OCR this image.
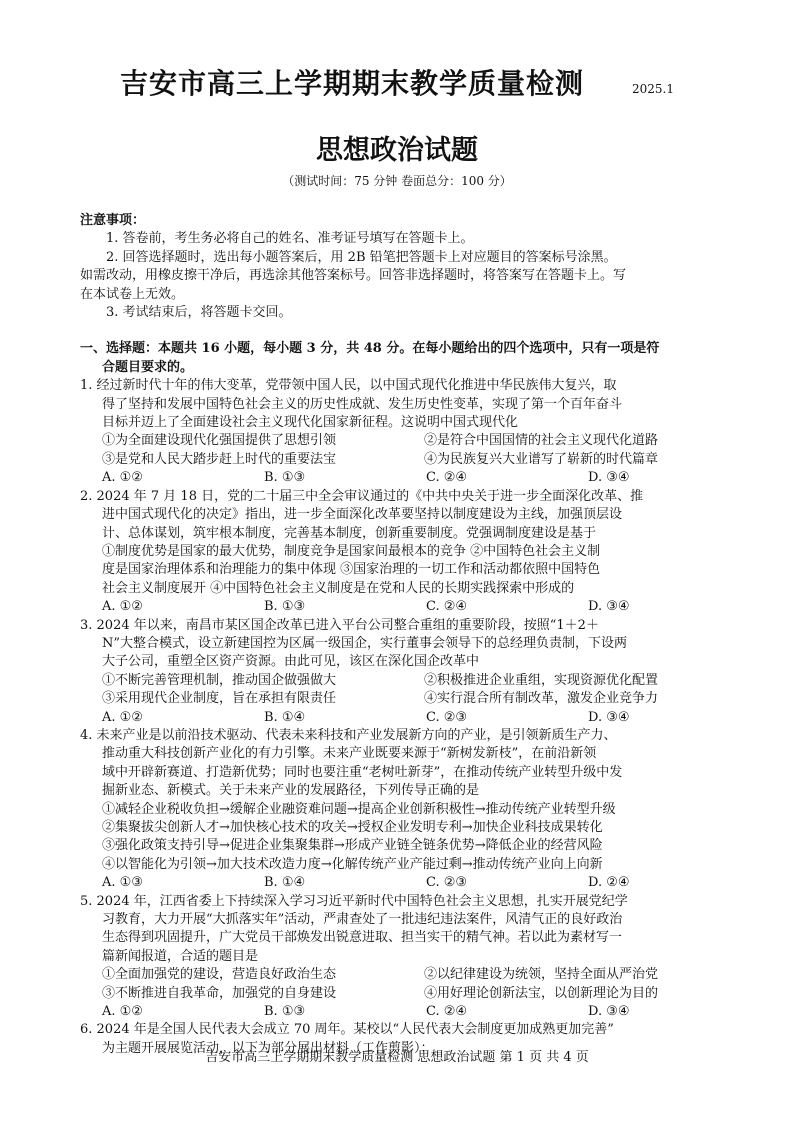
吉安市高三上学期期末教学质量检测	2025.1
思想政治试题
（测试时间：75 分钟 卷面总分：100 分）

注意事项：

1. 答卷前，考生务必将自己的姓名、准考证号填写在答题卡上。

2. 回答选择题时，选出每小题答案后，用 2B 铅笔把答题卡上对应题目的答案标号涂黑。

如需改动，用橡皮擦干净后，再选涂其他答案标号。回答非选择题时，将答案写在答题卡上。写

在本试卷上无效。

3. 考试结束后，将答题卡交回。

一、选择题：本题共 16 小题，每小题 3 分，共 48 分。在每小题给出的四个选项中，只有一项是符

合题目要求的。

1. 经过新时代十年的伟大变革，党带领中国人民，以中国式现代化推进中华民族伟大复兴，取

得了坚持和发展中国特色社会主义的历史性成就、发生历史性变革，实现了第一个百年奋斗

目标并迈上了全面建设社会主义现代化国家新征程。这说明中国式现代化

①为全面建设现代化强国提供了思想引领	②是符合中国国情的社会主义现代化道路
③是党和人民大踏步赶上时代的重要法宝	④为民族复兴大业谱写了崭新的时代篇章
A. ①②	B. ①③	C. ②④	D. ③④

2. 2024 年 7 月 18 日，党的二十届三中全会审议通过的《中共中央关于进一步全面深化改革、推

进中国式现代化的决定》指出，进一步全面深化改革要坚持以制度建设为主线，加强顶层设

计、总体谋划，筑牢根本制度，完善基本制度，创新重要制度。党强调制度建设是基于

①制度优势是国家的最大优势，制度竞争是国家间最根本的竞争 ②中国特色社会主义制

度是国家治理体系和治理能力的集中体现 ③国家治理的一切工作和活动都依照中国特色

社会主义制度展开 ④中国特色社会主义制度是在党和人民的长期实践探索中形成的

A. ①②	B. ①③	C. ②④	D. ③④

3. 2024 年以来，南昌市某区国企改革已进入平台公司整合重组的重要阶段，按照“1＋2＋

N”大整合模式，设立新建国控为区属一级国企，实行董事会领导下的总经理负责制，下设两

大子公司，重塑全区资产资源。由此可见，该区在深化国企改革中

①不断完善管理机制，推动国企做强做大	②积极推进企业重组，实现资源优化配置
③采用现代企业制度，旨在承担有限责任	④实行混合所有制改革，激发企业竞争力
A. ①②	B. ①④	C. ②③	D. ③④

4. 未来产业是以前沿技术驱动、代表未来科技和产业发展新方向的产业，是引领新质生产力、

推动重大科技创新产业化的有力引擎。未来产业既要来源于“新树发新枝”，在前沿新领

域中开辟新赛道、打造新优势；同时也要注重“老树吐新芽”，在推动传统产业转型升级中发

掘新业态、新模式。关于未来产业的发展路径，下列传导正确的是

①减轻企业税收负担→缓解企业融资难问题→提高企业创新积极性→推动传统产业转型升级

②集聚拔尖创新人才→加快核心技术的攻关→授权企业发明专利→加快企业科技成果转化

③强化政策支持引导→促进企业集聚集群→形成产业链全链条优势→降低企业的经营风险

④以智能化为引领→加大技术改造力度→化解传统产业产能过剩→推动传统产业向上向新

A. ①③	B. ①④	C. ②③	D. ②④

5. 2024 年，江西省委上下持续深入学习习近平新时代中国特色社会主义思想，扎实开展党纪学

习教育，大力开展“大抓落实年”活动，严肃查处了一批违纪违法案件，风清气正的良好政治

生态得到巩固提升，广大党员干部焕发出锐意进取、担当实干的精气神。若以此为素材写一

篇新闻报道，合适的题目是

①全面加强党的建设，营造良好政治生态	②以纪律建设为统领，坚持全面从严治党
③不断推进自我革命，加强党的自身建设	④用好理论创新法宝，以创新理论为目的
A. ①②	B. ①③	C. ②④	D. ③④

6. 2024 年是全国人民代表大会成立 70 周年。某校以“人民代表大会制度更加成熟更加完善”

为主题开展展览活动，以下为部分展出材料（工作剪影）：

吉安市高三上学期期末教学质量检测 思想政治试题 第 1 页 共 4 页
